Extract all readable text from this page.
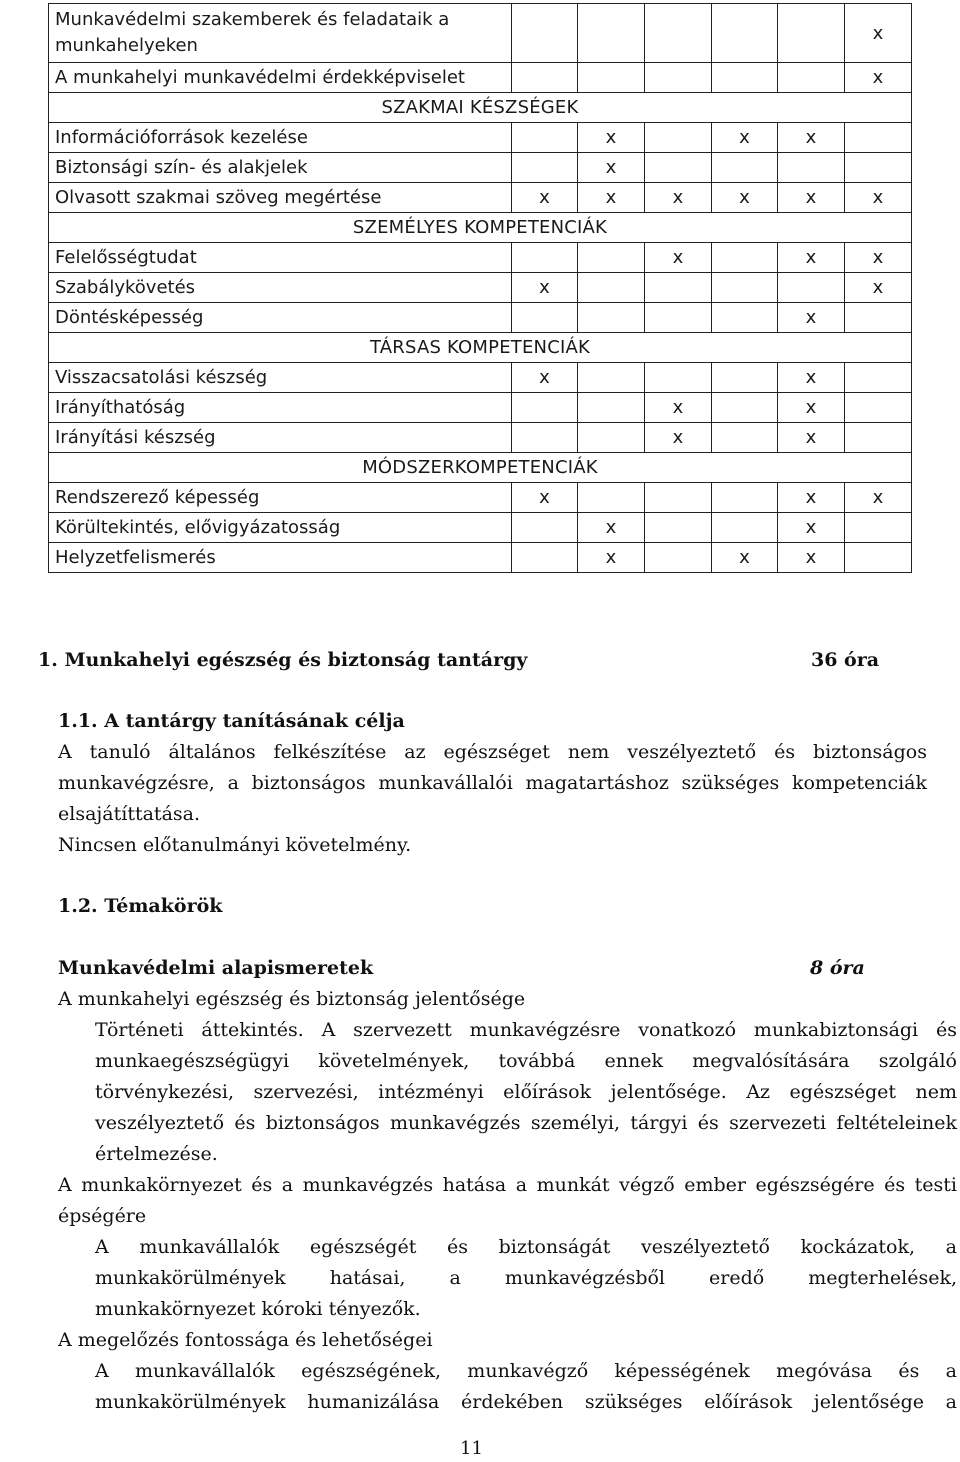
Munkavédelmi szakemberek és feladataik a munkahelyeken						x
A munkahelyi munkavédelmi érdekképviselet						x
SZAKMAI KÉSZSÉGEK						
Információforrások kezelése		x		x	x	
Biztonsági szín- és alakjelek		x				
Olvasott szakmai szöveg megértése	x	x	x	x	x	x
SZEMÉLYES KOMPETENCIÁK						
Felelősségtudat			x		x	x
Szabálykövetés	x					x
Döntésképesség					x	
TÁRSAS KOMPETENCIÁK						
Visszacsatolási készség	x				x	
Irányíthatóság			x		x	
Irányítási készség			x		x	
MÓDSZERKOMPETENCIÁK						
Rendszerező képesség	x				x	x
Körültekintés, elővigyázatosság		x			x	
Helyzetfelismerés		x		x	x	
1. Munkahelyi egészség és biztonság tantárgy	36 óra
1.1. A tantárgy tanításának célja
A tanuló általános felkészítése az egészséget nem veszélyeztető és biztonságos
munkavégzésre, a biztonságos munkavállalói magatartáshoz szükséges kompetenciák
elsajátíttatása.
Nincsen előtanulmányi követelmény.
1.2. Témakörök
Munkavédelmi alapismeretek	8 óra
A munkahelyi egészség és biztonság jelentősége
Történeti áttekintés. A szervezett munkavégzésre vonatkozó munkabiztonsági és
munkaegészségügyi követelmények, továbbá ennek megvalósítására szolgáló
törvénykezési, szervezési, intézményi előírások jelentősége. Az egészséget nem
veszélyeztető és biztonságos munkavégzés személyi, tárgyi és szervezeti feltételeinek
értelmezése.
A munkakörnyezet és a munkavégzés hatása a munkát végző ember egészségére és testi
épségére
A munkavállalók egészségét és biztonságát veszélyeztető kockázatok, a
munkakörülmények hatásai, a munkavégzésből eredő megterhelések,
munkakörnyezet kóroki tényezők.
A megelőzés fontossága és lehetőségei
A munkavállalók egészségének, munkavégző képességének megóvása és a
munkakörülmények humanizálása érdekében szükséges előírások jelentősége a
11
